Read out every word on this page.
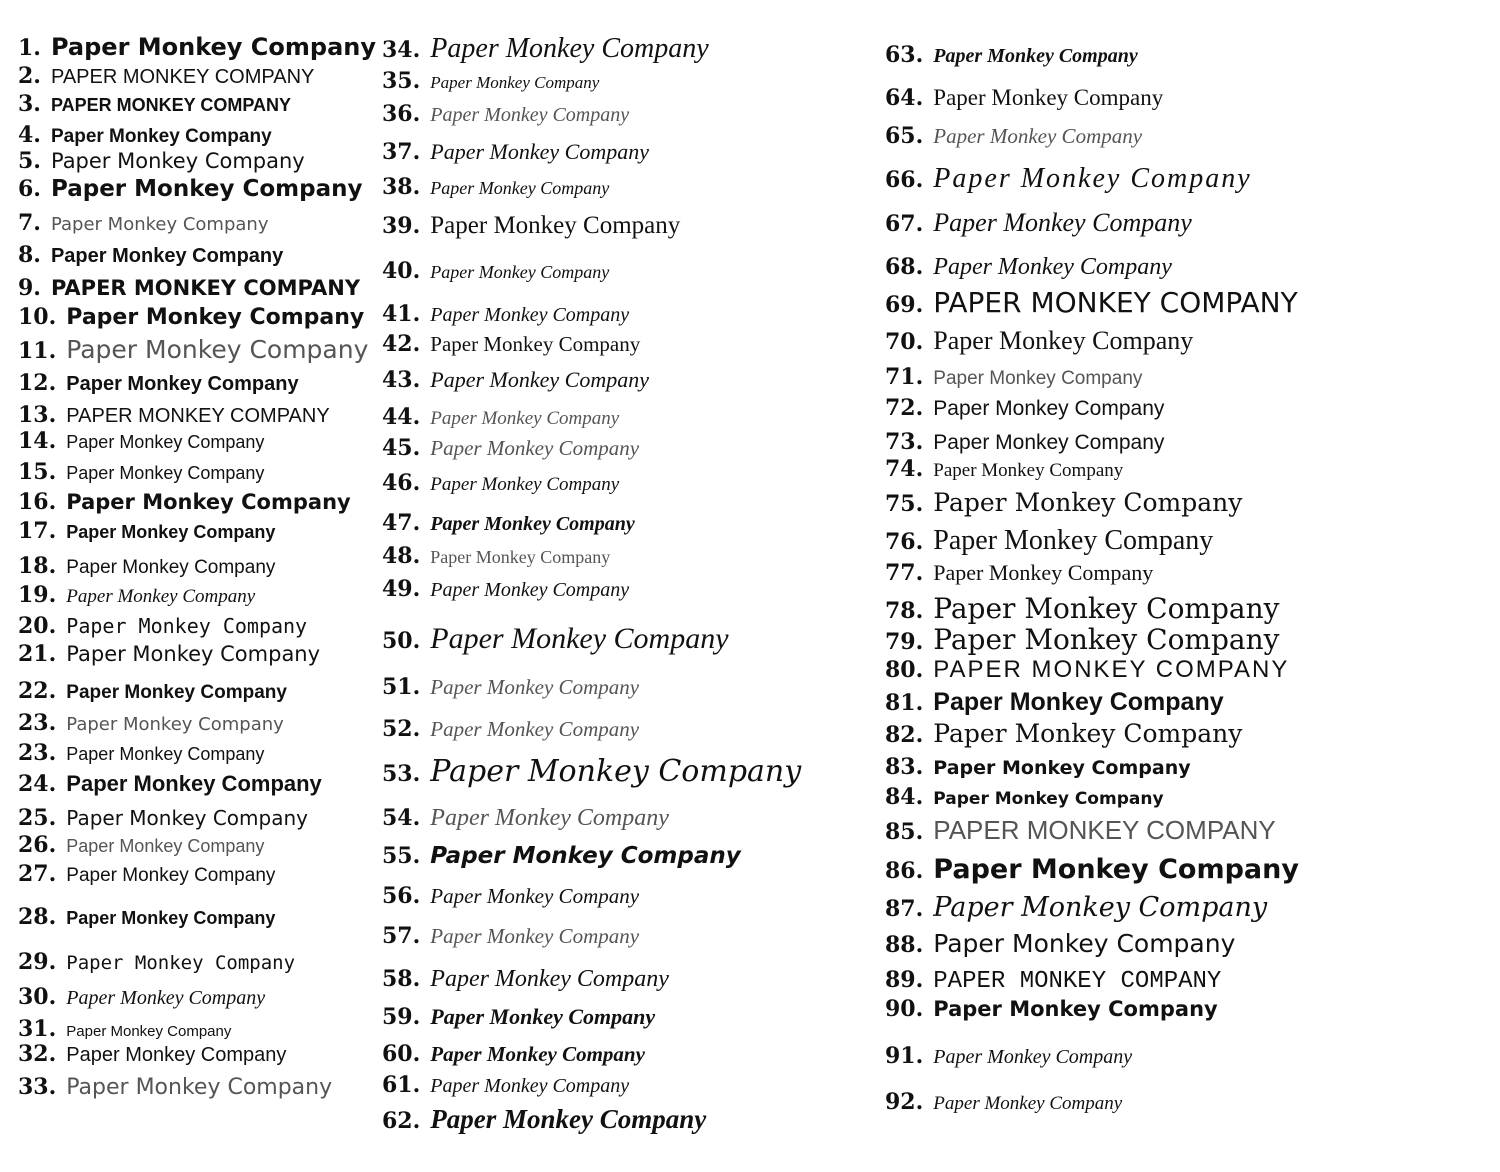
1. Paper Monkey Company
2. PAPER MONKEY COMPANY
3. PAPER MONKEY COMPANY
4. Paper Monkey Company
5. Paper Monkey Company
6. Paper Monkey Company
7. Paper Monkey Company
8. Paper Monkey Company
9. PAPER MONKEY COMPANY
10. Paper Monkey Company
11. Paper Monkey Company
12. Paper Monkey Company
13. PAPER MONKEY COMPANY
14. Paper Monkey Company
15. Paper Monkey Company
16. Paper Monkey Company
17. Paper Monkey Company
18. Paper Monkey Company
19. Paper Monkey Company
20. Paper Monkey Company
21. Paper Monkey Company
22. Paper Monkey Company
23. Paper Monkey Company
23. Paper Monkey Company
24. Paper Monkey Company
25. Paper Monkey Company
26. Paper Monkey Company
27. Paper Monkey Company
28. Paper Monkey Company
29. Paper Monkey Company
30. Paper Monkey Company
31. Paper Monkey Company
32. Paper Monkey Company
33. Paper Monkey Company
34. Paper Monkey Company
35. Paper Monkey Company
36. Paper Monkey Company
37. Paper Monkey Company
38. Paper Monkey Company
39. Paper Monkey Company
40. Paper Monkey Company
41. Paper Monkey Company
42. Paper Monkey Company
43. Paper Monkey Company
44. Paper Monkey Company
45. Paper Monkey Company
46. Paper Monkey Company
47. Paper Monkey Company
48. Paper Monkey Company
49. Paper Monkey Company
50. Paper Monkey Company
51. Paper Monkey Company
52. Paper Monkey Company
53. Paper Monkey Company
54. Paper Monkey Company
55. Paper Monkey Company
56. Paper Monkey Company
57. Paper Monkey Company
58. Paper Monkey Company
59. Paper Monkey Company
60. Paper Monkey Company
61. Paper Monkey Company
62. Paper Monkey Company
63. Paper Monkey Company
64. Paper Monkey Company
65. Paper Monkey Company
66. Paper Monkey Company
67. Paper Monkey Company
68. Paper Monkey Company
69. PAPER MONKEY COMPANY
70. Paper Monkey Company
71. Paper Monkey Company
72. Paper Monkey Company
73. Paper Monkey Company
74. Paper Monkey Company
75. Paper Monkey Company
76. Paper Monkey Company
77. Paper Monkey Company
78. Paper Monkey Company
79. Paper Monkey Company
80. PAPER MONKEY COMPANY
81. Paper Monkey Company
82. Paper Monkey Company
83. Paper Monkey Company
84. Paper Monkey Company
85. PAPER MONKEY COMPANY
86. Paper Monkey Company
87. Paper Monkey Company
88. Paper Monkey Company
89. PAPER MONKEY COMPANY
90. Paper Monkey Company
91. Paper Monkey Company
92. Paper Monkey Company
